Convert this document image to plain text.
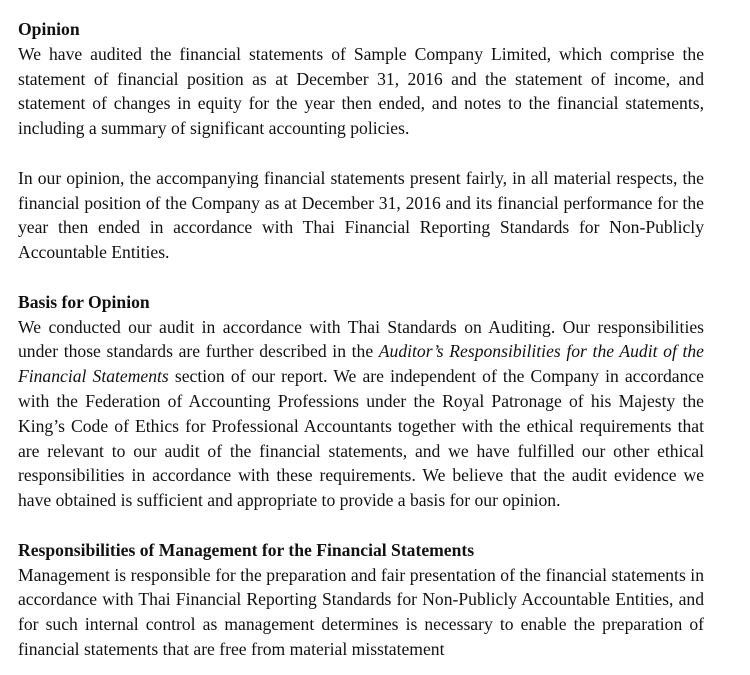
Opinion

We have audited the financial statements of Sample Company Limited, which comprise the statement of financial position as at December 31, 2016 and the statement of income, and statement of changes in equity for the year then ended, and notes to the financial statements, including a summary of significant accounting policies.

In our opinion, the accompanying financial statements present fairly, in all material respects, the financial position of the Company as at December 31, 2016 and its financial performance for the year then ended in accordance with Thai Financial Reporting Standards for Non-Publicly Accountable Entities.

Basis for Opinion

We conducted our audit in accordance with Thai Standards on Auditing. Our responsibilities under those standards are further described in the Auditor’s Responsibilities for the Audit of the Financial Statements section of our report. We are independent of the Company in accordance with the Federation of Accounting Professions under the Royal Patronage of his Majesty the King’s Code of Ethics for Professional Accountants together with the ethical requirements that are relevant to our audit of the financial statements, and we have fulfilled our other ethical responsibilities in accordance with these requirements. We believe that the audit evidence we have obtained is sufficient and appropriate to provide a basis for our opinion.

Responsibilities of Management for the Financial Statements

Management is responsible for the preparation and fair presentation of the financial statements in accordance with Thai Financial Reporting Standards for Non-Publicly Accountable Entities, and for such internal control as management determines is necessary to enable the preparation of financial statements that are free from material misstatement
